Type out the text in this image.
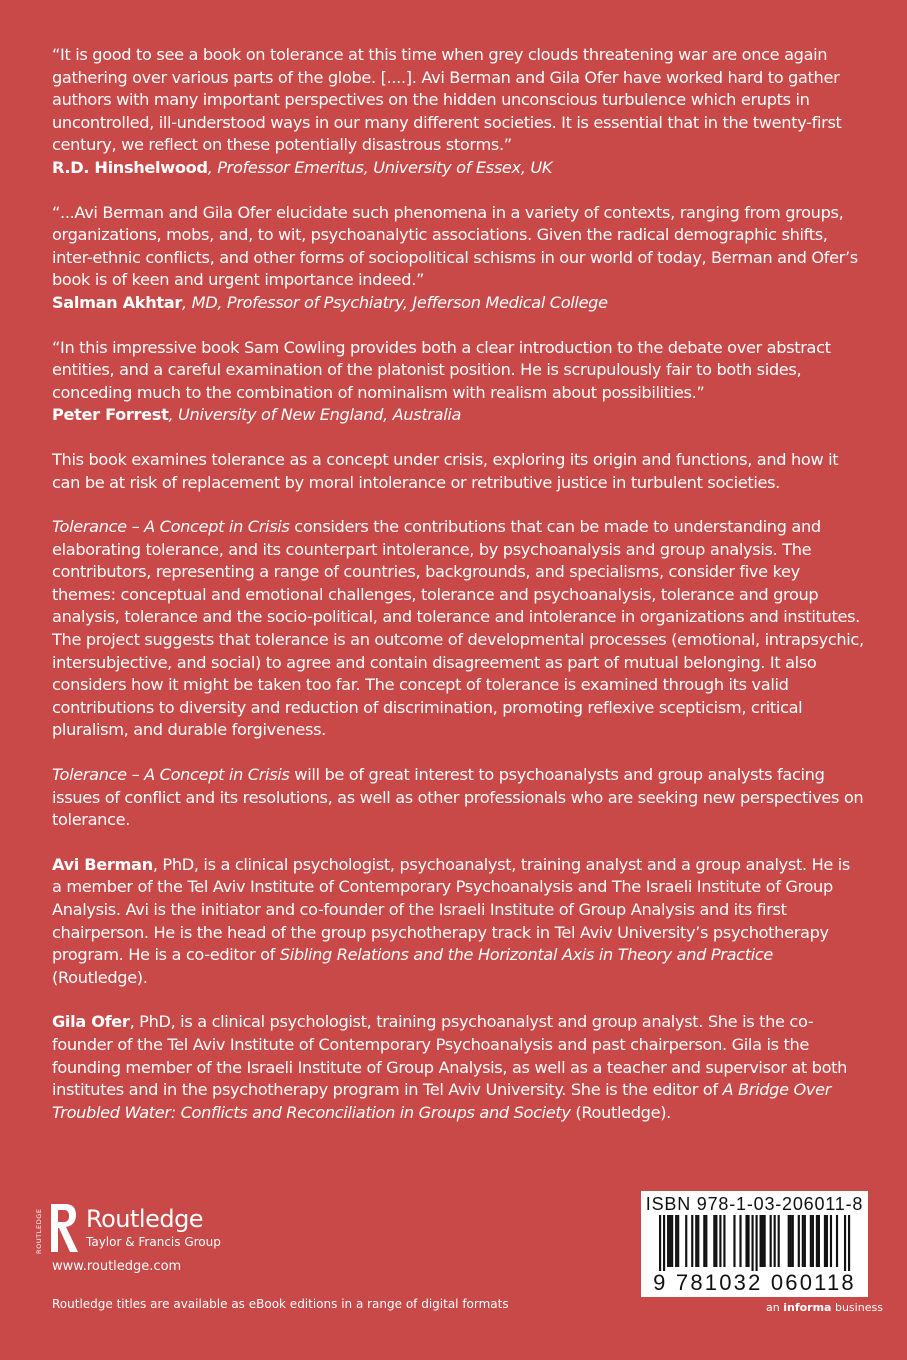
“It is good to see a book on tolerance at this time when grey clouds threatening war are once again gathering over various parts of the globe. [....]. Avi Berman and Gila Ofer have worked hard to gather authors with many important perspectives on the hidden unconscious turbulence which erupts in uncontrolled, ill-understood ways in our many different societies. It is essential that in the twenty-first century, we reflect on these potentially disastrous storms.”
R.D. Hinshelwood, Professor Emeritus, University of Essex, UK

“...Avi Berman and Gila Ofer elucidate such phenomena in a variety of contexts, ranging from groups, organizations, mobs, and, to wit, psychoanalytic associations. Given the radical demographic shifts, inter-ethnic conflicts, and other forms of sociopolitical schisms in our world of today, Berman and Ofer’s book is of keen and urgent importance indeed.”
Salman Akhtar, MD, Professor of Psychiatry, Jefferson Medical College

“In this impressive book Sam Cowling provides both a clear introduction to the debate over abstract entities, and a careful examination of the platonist position. He is scrupulously fair to both sides, conceding much to the combination of nominalism with realism about possibilities.”
Peter Forrest, University of New England, Australia

This book examines tolerance as a concept under crisis, exploring its origin and functions, and how it can be at risk of replacement by moral intolerance or retributive justice in turbulent societies.

Tolerance – A Concept in Crisis considers the contributions that can be made to understanding and elaborating tolerance, and its counterpart intolerance, by psychoanalysis and group analysis. The contributors, representing a range of countries, backgrounds, and specialisms, consider five key themes: conceptual and emotional challenges, tolerance and psychoanalysis, tolerance and group analysis, tolerance and the socio-political, and tolerance and intolerance in organizations and institutes. The project suggests that tolerance is an outcome of developmental processes (emotional, intrapsychic, intersubjective, and social) to agree and contain disagreement as part of mutual belonging. It also considers how it might be taken too far. The concept of tolerance is examined through its valid contributions to diversity and reduction of discrimination, promoting reflexive scepticism, critical pluralism, and durable forgiveness.

Tolerance – A Concept in Crisis will be of great interest to psychoanalysts and group analysts facing issues of conflict and its resolutions, as well as other professionals who are seeking new perspectives on tolerance.

Avi Berman, PhD, is a clinical psychologist, psychoanalyst, training analyst and a group analyst. He is a member of the Tel Aviv Institute of Contemporary Psychoanalysis and The Israeli Institute of Group Analysis. Avi is the initiator and co-founder of the Israeli Institute of Group Analysis and its first chairperson. He is the head of the group psychotherapy track in Tel Aviv University’s psychotherapy program. He is a co-editor of Sibling Relations and the Horizontal Axis in Theory and Practice (Routledge).

Gila Ofer, PhD, is a clinical psychologist, training psychoanalyst and group analyst. She is the co-founder of the Tel Aviv Institute of Contemporary Psychoanalysis and past chairperson. Gila is the founding member of the Israeli Institute of Group Analysis, as well as a teacher and supervisor at both institutes and in the psychotherapy program in Tel Aviv University. She is the editor of A Bridge Over Troubled Water: Conflicts and Reconciliation in Groups and Society (Routledge).

ROUTLEDGE Routledge
Taylor & Francis Group
www.routledge.com
Routledge titles are available as eBook editions in a range of digital formats
ISBN 978-1-03-206011-8
9 781032 060118
an informa business
